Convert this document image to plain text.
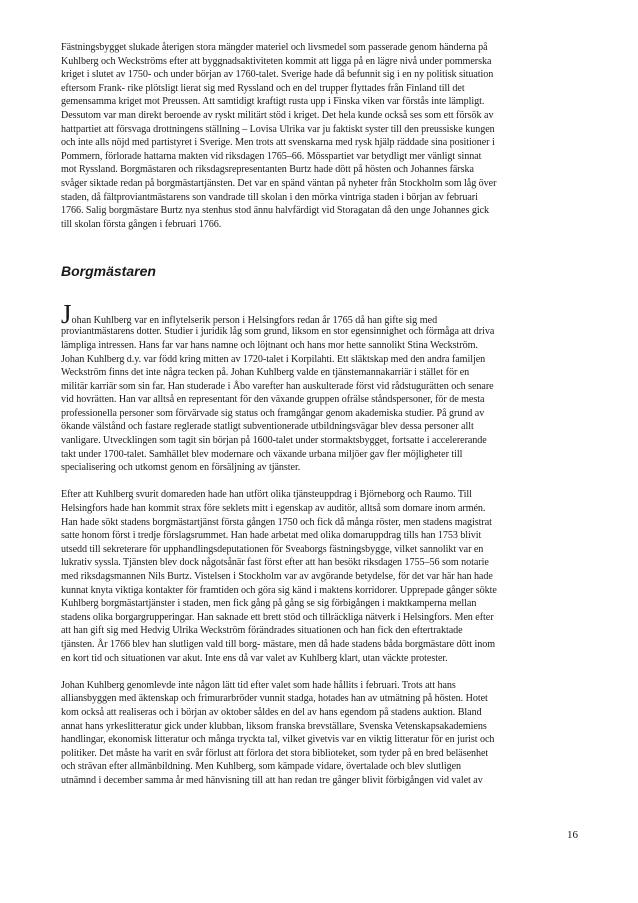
Fästningsbygget slukade återigen stora mängder materiel och livsmedel som passerade genom händerna på
Kuhlberg och Weckströms efter att byggnadsaktiviteten kommit att ligga på en lägre nivå under pommerska
kriget i slutet av 1750- och under början av 1760-talet. Sverige hade då befunnit sig i en ny politisk situation
eftersom Frank- rike plötsligt lierat sig med Ryssland och en del trupper flyttades från Finland till det
gemensamma kriget mot Preussen. Att samtidigt kraftigt rusta upp i Finska viken var förstås inte lämpligt.
Dessutom var man direkt beroende av ryskt militärt stöd i kriget. Det hela kunde också ses som ett försök av
hattpartiet att försvaga drottningens ställning – Lovisa Ulrika var ju faktiskt syster till den preussiske kungen
och inte alls nöjd med partistyret i Sverige. Men trots att svenskarna med rysk hjälp räddade sina positioner i
Pommern, förlorade hattarna makten vid riksdagen 1765–66. Mösspartiet var betydligt mer vänligt sinnat
mot Ryssland. Borgmästaren och riksdagsrepresentanten Burtz hade dött på hösten och Johannes färska
svåger siktade redan på borgmästartjänsten. Det var en spänd väntan på nyheter från Stockholm som låg över
staden, då fältproviantmästarens son vandrade till skolan i den mörka vintriga staden i början av februari
1766. Salig borgmästare Burtz nya stenhus stod ännu halvfärdigt vid Storagatan då den unge Johannes gick
till skolan första gången i februari 1766.

Borgmästaren

Johan Kuhlberg var en inflytelserik person i Helsingfors redan år 1765 då han gifte sig med

proviantmästarens dotter. Studier i juridik låg som grund, liksom en stor egensinnighet och förmåga att driva
lämpliga intressen. Hans far var hans namne och löjtnant och hans mor hette sannolikt Stina Weckström.
Johan Kuhlberg d.y. var född kring mitten av 1720-talet i Korpilahti. Ett släktskap med den andra familjen
Weckström finns det inte några tecken på. Johan Kuhlberg valde en tjänstemannakarriär i stället för en
militär karriär som sin far. Han studerade i Åbo varefter han auskulterade först vid rådstugurätten och senare
vid hovrätten. Han var alltså en representant för den växande gruppen ofrälse ståndspersoner, för de mesta
professionella personer som förvärvade sig status och framgångar genom akademiska studier. På grund av
ökande välstånd och fastare reglerade statligt subventionerade utbildningsvägar blev dessa personer allt
vanligare. Utvecklingen som tagit sin början på 1600-talet under stormaktsbygget, fortsatte i accelererande
takt under 1700-talet. Samhället blev modernare och växande urbana miljöer gav fler möjligheter till
specialisering och utkomst genom en försäljning av tjänster.

Efter att Kuhlberg svurit domareden hade han utfört olika tjänsteuppdrag i Björneborg och Raumo. Till
Helsingfors hade han kommit strax före seklets mitt i egenskap av auditör, alltså som domare inom armén.
Han hade sökt stadens borgmästartjänst första gången 1750 och fick då många röster, men stadens magistrat
satte honom först i tredje förslagsrummet. Han hade arbetat med olika domaruppdrag tills han 1753 blivit
utsedd till sekreterare för upphandlingsdeputationen för Sveaborgs fästningsbygge, vilket sannolikt var en
lukrativ syssla. Tjänsten blev dock någotsånär fast först efter att han besökt riksdagen 1755–56 som notarie
med riksdagsmannen Nils Burtz. Vistelsen i Stockholm var av avgörande betydelse, för det var här han hade
kunnat knyta viktiga kontakter för framtiden och göra sig känd i maktens korridorer. Upprepade gånger sökte
Kuhlberg borgmästartjänster i staden, men fick gång på gång se sig förbigången i maktkamperna mellan
stadens olika borgargrupperingar. Han saknade ett brett stöd och tillräckliga nätverk i Helsingfors. Men efter
att han gift sig med Hedvig Ulrika Weckström förändrades situationen och han fick den eftertraktade
tjänsten. År 1766 blev han slutligen vald till borg- mästare, men då hade stadens båda borgmästare dött inom
en kort tid och situationen var akut. Inte ens då var valet av Kuhlberg klart, utan väckte protester.

Johan Kuhlberg genomlevde inte någon lätt tid efter valet som hade hållits i februari. Trots att hans
alliansbyggen med äktenskap och frimurarbröder vunnit stadga, hotades han av utmätning på hösten. Hotet
kom också att realiseras och i början av oktober såldes en del av hans egendom på stadens auktion. Bland
annat hans yrkeslitteratur gick under klubban, liksom franska brevställare, Svenska Vetenskapsakademiens
handlingar, ekonomisk litteratur och många tryckta tal, vilket givetvis var en viktig litteratur för en jurist och
politiker. Det måste ha varit en svår förlust att förlora det stora biblioteket, som tyder på en bred beläsenhet
och strävan efter allmänbildning. Men Kuhlberg, som kämpade vidare, övertalade och blev slutligen
utnämnd i december samma år med hänvisning till att han redan tre gånger blivit förbigången vid valet av

16
